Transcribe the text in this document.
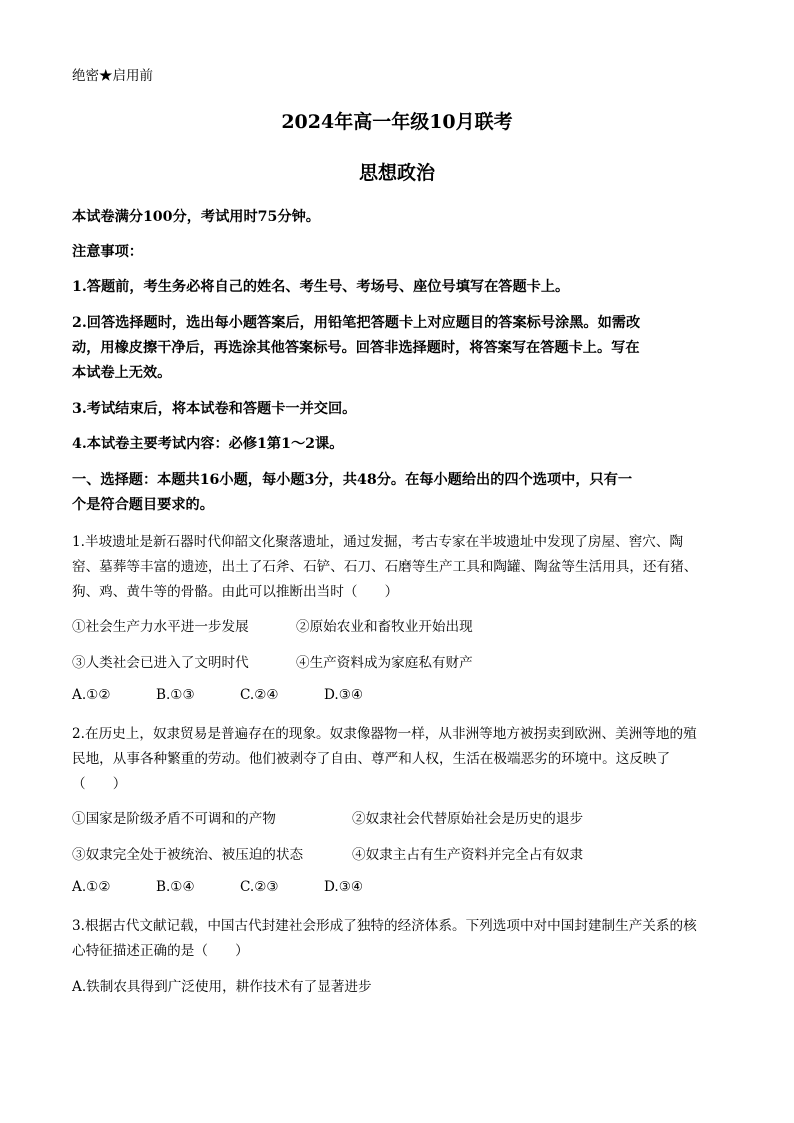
绝密★启用前
2024年高一年级10月联考
思想政治
本试卷满分100分，考试用时75分钟。
注意事项：
1.答题前，考生务必将自己的姓名、考生号、考场号、座位号填写在答题卡上。
2.回答选择题时，选出每小题答案后，用铅笔把答题卡上对应题目的答案标号涂黑。如需改
动，用橡皮擦干净后，再选涂其他答案标号。回答非选择题时，将答案写在答题卡上。写在
本试卷上无效。
3.考试结束后，将本试卷和答题卡一并交回。
4.本试卷主要考试内容：必修1第1～2课。
一、选择题：本题共16小题，每小题3分，共48分。在每小题给出的四个选项中，只有一
个是符合题目要求的。
1.半坡遗址是新石器时代仰韶文化聚落遗址，通过发掘，考古专家在半坡遗址中发现了房屋、窖穴、陶
窑、墓葬等丰富的遗迹，出土了石斧、石铲、石刀、石磨等生产工具和陶罐、陶盆等生活用具，还有猪、
狗、鸡、黄牛等的骨骼。由此可以推断出当时（　　）
①社会生产力水平进一步发展	②原始农业和畜牧业开始出现
③人类社会已进入了文明时代	④生产资料成为家庭私有财产
A.①②	B.①③	C.②④	D.③④
2.在历史上，奴隶贸易是普遍存在的现象。奴隶像器物一样，从非洲等地方被拐卖到欧洲、美洲等地的殖
民地，从事各种繁重的劳动。他们被剥夺了自由、尊严和人权，生活在极端恶劣的环境中。这反映了
（　　）
①国家是阶级矛盾不可调和的产物	②奴隶社会代替原始社会是历史的退步
③奴隶完全处于被统治、被压迫的状态	④奴隶主占有生产资料并完全占有奴隶
A.①②	B.①④	C.②③	D.③④
3.根据古代文献记载，中国古代封建社会形成了独特的经济体系。下列选项中对中国封建制生产关系的核
心特征描述正确的是（　　）
A.铁制农具得到广泛使用，耕作技术有了显著进步
